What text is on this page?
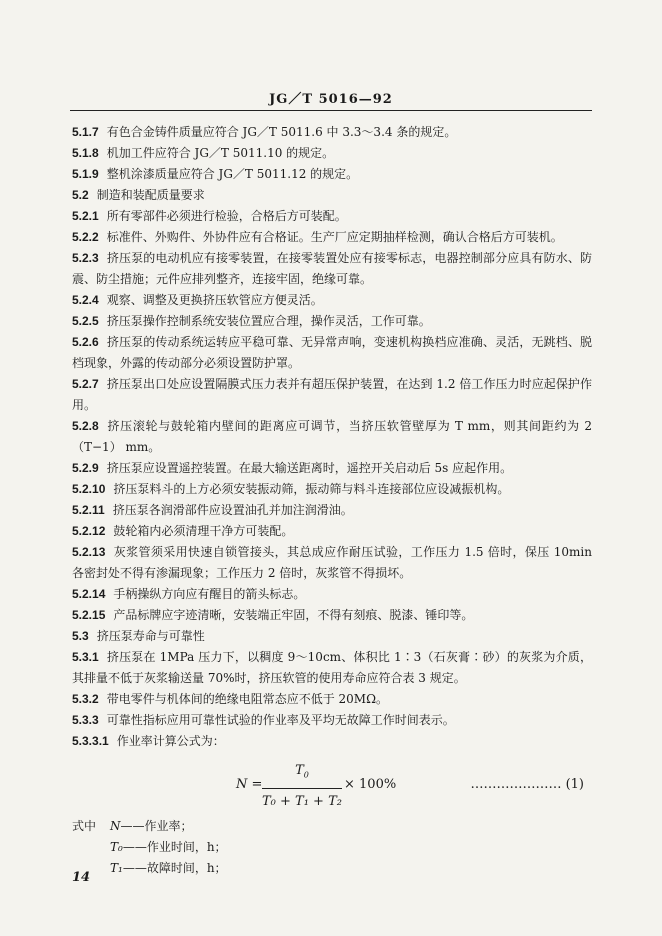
JG／T 5016—92

5.1.7 有色合金铸件质量应符合 JG／T 5011.6 中 3.3～3.4 条的规定。

5.1.8 机加工件应符合 JG／T 5011.10 的规定。

5.1.9 整机涂漆质量应符合 JG／T 5011.12 的规定。

5.2 制造和装配质量要求

5.2.1 所有零部件必须进行检验，合格后方可装配。

5.2.2 标准件、外购件、外协件应有合格证。生产厂应定期抽样检测，确认合格后方可装机。

5.2.3 挤压泵的电动机应有接零装置，在接零装置处应有接零标志，电器控制部分应具有防水、防震、防尘措施；元件应排列整齐，连接牢固，绝缘可靠。

5.2.4 观察、调整及更换挤压软管应方便灵活。

5.2.5 挤压泵操作控制系统安装位置应合理，操作灵活，工作可靠。

5.2.6 挤压泵的传动系统运转应平稳可靠、无异常声响，变速机构换档应准确、灵活，无跳档、脱档现象，外露的传动部分必须设置防护罩。

5.2.7 挤压泵出口处应设置隔膜式压力表并有超压保护装置，在达到 1.2 倍工作压力时应起保护作用。

5.2.8 挤压滚轮与鼓轮箱内壁间的距离应可调节，当挤压软管壁厚为 T mm，则其间距约为 2（T−1） mm。

5.2.9 挤压泵应设置遥控装置。在最大输送距离时，遥控开关启动后 5s 应起作用。

5.2.10 挤压泵料斗的上方必须安装振动筛，振动筛与料斗连接部位应设减振机构。

5.2.11 挤压泵各润滑部件应设置油孔并加注润滑油。

5.2.12 鼓轮箱内必须清理干净方可装配。

5.2.13 灰浆管须采用快速自锁管接头，其总成应作耐压试验，工作压力 1.5 倍时，保压 10min 各密封处不得有渗漏现象；工作压力 2 倍时，灰浆管不得损坏。

5.2.14 手柄操纵方向应有醒目的箭头标志。

5.2.15 产品标牌应字迹清晰，安装端正牢固，不得有刻痕、脱漆、锤印等。

5.3 挤压泵寿命与可靠性

5.3.1 挤压泵在 1MPa 压力下，以稠度 9～10cm、体积比 1∶3（石灰膏∶砂）的灰浆为介质，其排量不低于灰浆输送量 70%时，挤压软管的使用寿命应符合表 3 规定。

5.3.2 带电零件与机体间的绝缘电阻常态应不低于 20MΩ。

5.3.3 可靠性指标应用可靠性试验的作业率及平均无故障工作时间表示。

5.3.3.1 作业率计算公式为：

$N = \frac{T_0}{\text{T₀ + T₁ + T₂}} \times 100\%$	………………… (1)
式中 N——作业率；
T₀——作业时间，h；
T₁——故障时间，h；
14
